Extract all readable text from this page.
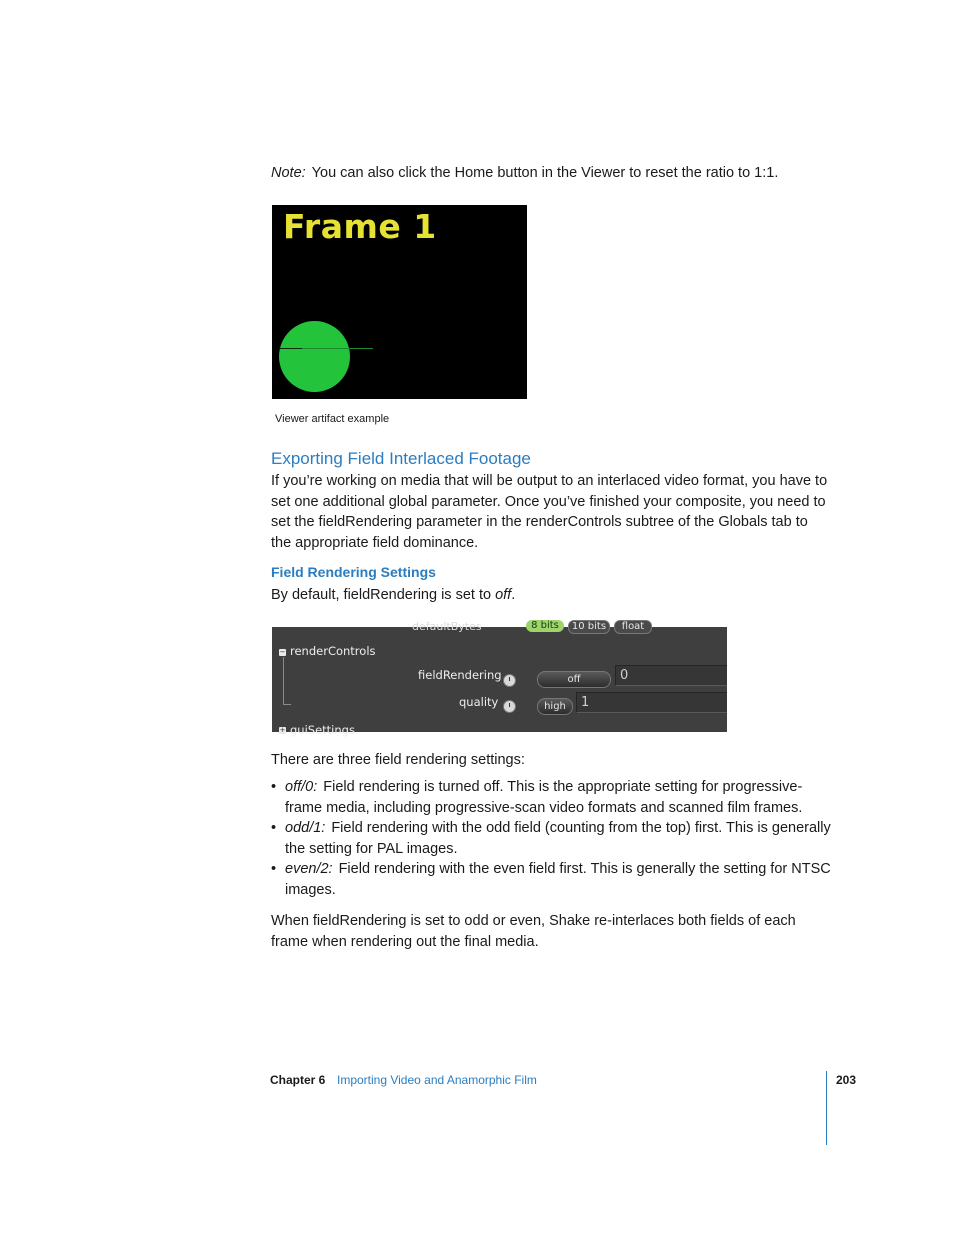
Note: You can also click the Home button in the Viewer to reset the ratio to 1:1.
Frame 1
Viewer artifact example
Exporting Field Interlaced Footage
If you’re working on media that will be output to an interlaced video format, you have to set one additional global parameter. Once you’ve finished your composite, you need to set the fieldRendering parameter in the renderControls subtree of the Globals tab to the appropriate field dominance.
Field Rendering Settings
By default, fieldRendering is set to off.
defaultBytes	8 bits	10 bits	float
− renderControls
fieldRendering	off	0
quality	high	1
+ guiSettings
There are three field rendering settings:
• off/0: Field rendering is turned off. This is the appropriate setting for progressive-frame media, including progressive-scan video formats and scanned film frames.
• odd/1: Field rendering with the odd field (counting from the top) first. This is generally the setting for PAL images.
• even/2: Field rendering with the even field first. This is generally the setting for NTSC images.
When fieldRendering is set to odd or even, Shake re-interlaces both fields of each frame when rendering out the final media.
Chapter 6 Importing Video and Anamorphic Film	203
